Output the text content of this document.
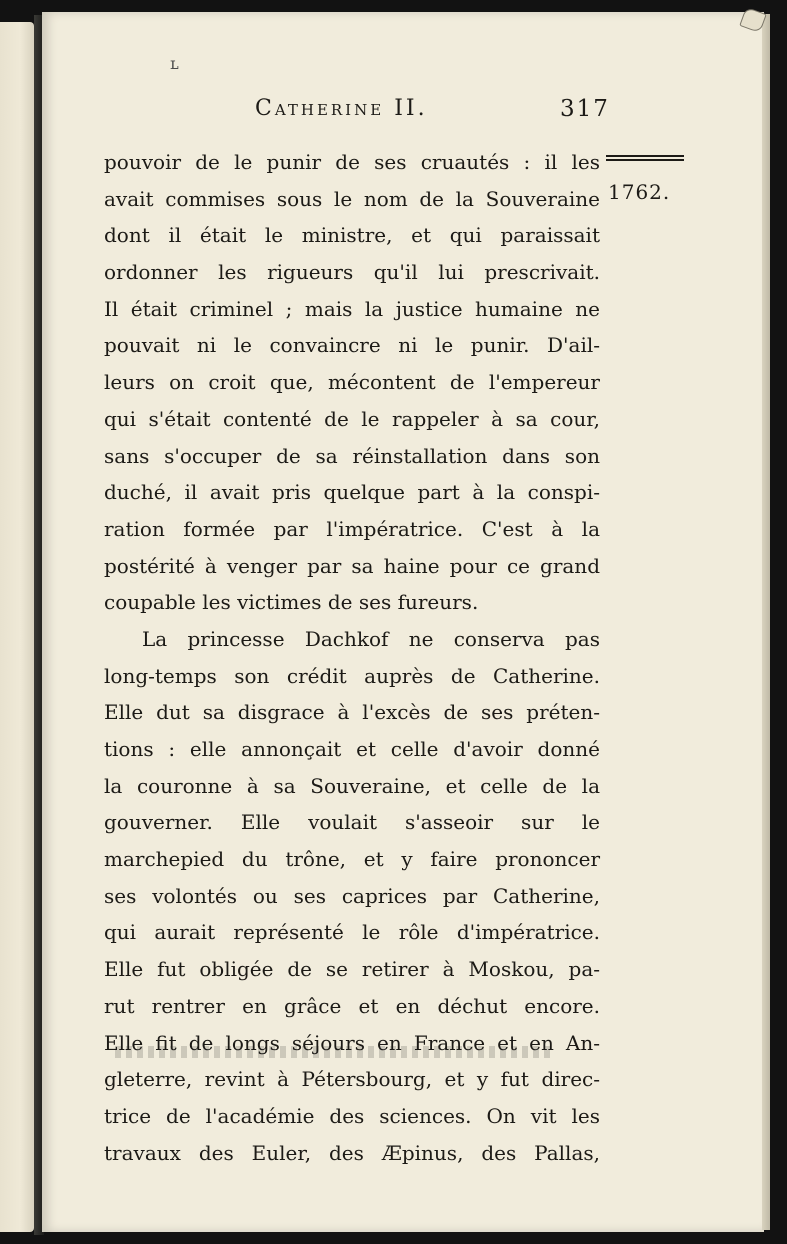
ʟ
CATHERINE II.	317
1762.
pouvoir de le punir de ses cruautés : il les
avait commises sous le nom de la Souveraine
dont il était le ministre, et qui paraissait
ordonner les rigueurs qu'il lui prescrivait.
Il était criminel ; mais la justice humaine ne
pouvait ni le convaincre ni le punir. D'ail-
leurs on croit que, mécontent de l'empereur
qui s'était contenté de le rappeler à sa cour,
sans s'occuper de sa réinstallation dans son
duché, il avait pris quelque part à la conspi-
ration formée par l'impératrice. C'est à la
postérité à venger par sa haine pour ce grand
coupable les victimes de ses fureurs.
La princesse Dachkof ne conserva pas
long-temps son crédit auprès de Catherine.
Elle dut sa disgrace à l'excès de ses préten-
tions : elle annonçait et celle d'avoir donné
la couronne à sa Souveraine, et celle de la
gouverner. Elle voulait s'asseoir sur le
marchepied du trône, et y faire prononcer
ses volontés ou ses caprices par Catherine,
qui aurait représenté le rôle d'impératrice.
Elle fut obligée de se retirer à Moskou, pa-
rut rentrer en grâce et en déchut encore.
Elle fit de longs séjours en France et en An-
gleterre, revint à Pétersbourg, et y fut direc-
trice de l'académie des sciences. On vit les
travaux des Euler, des Æpinus, des Pallas,
